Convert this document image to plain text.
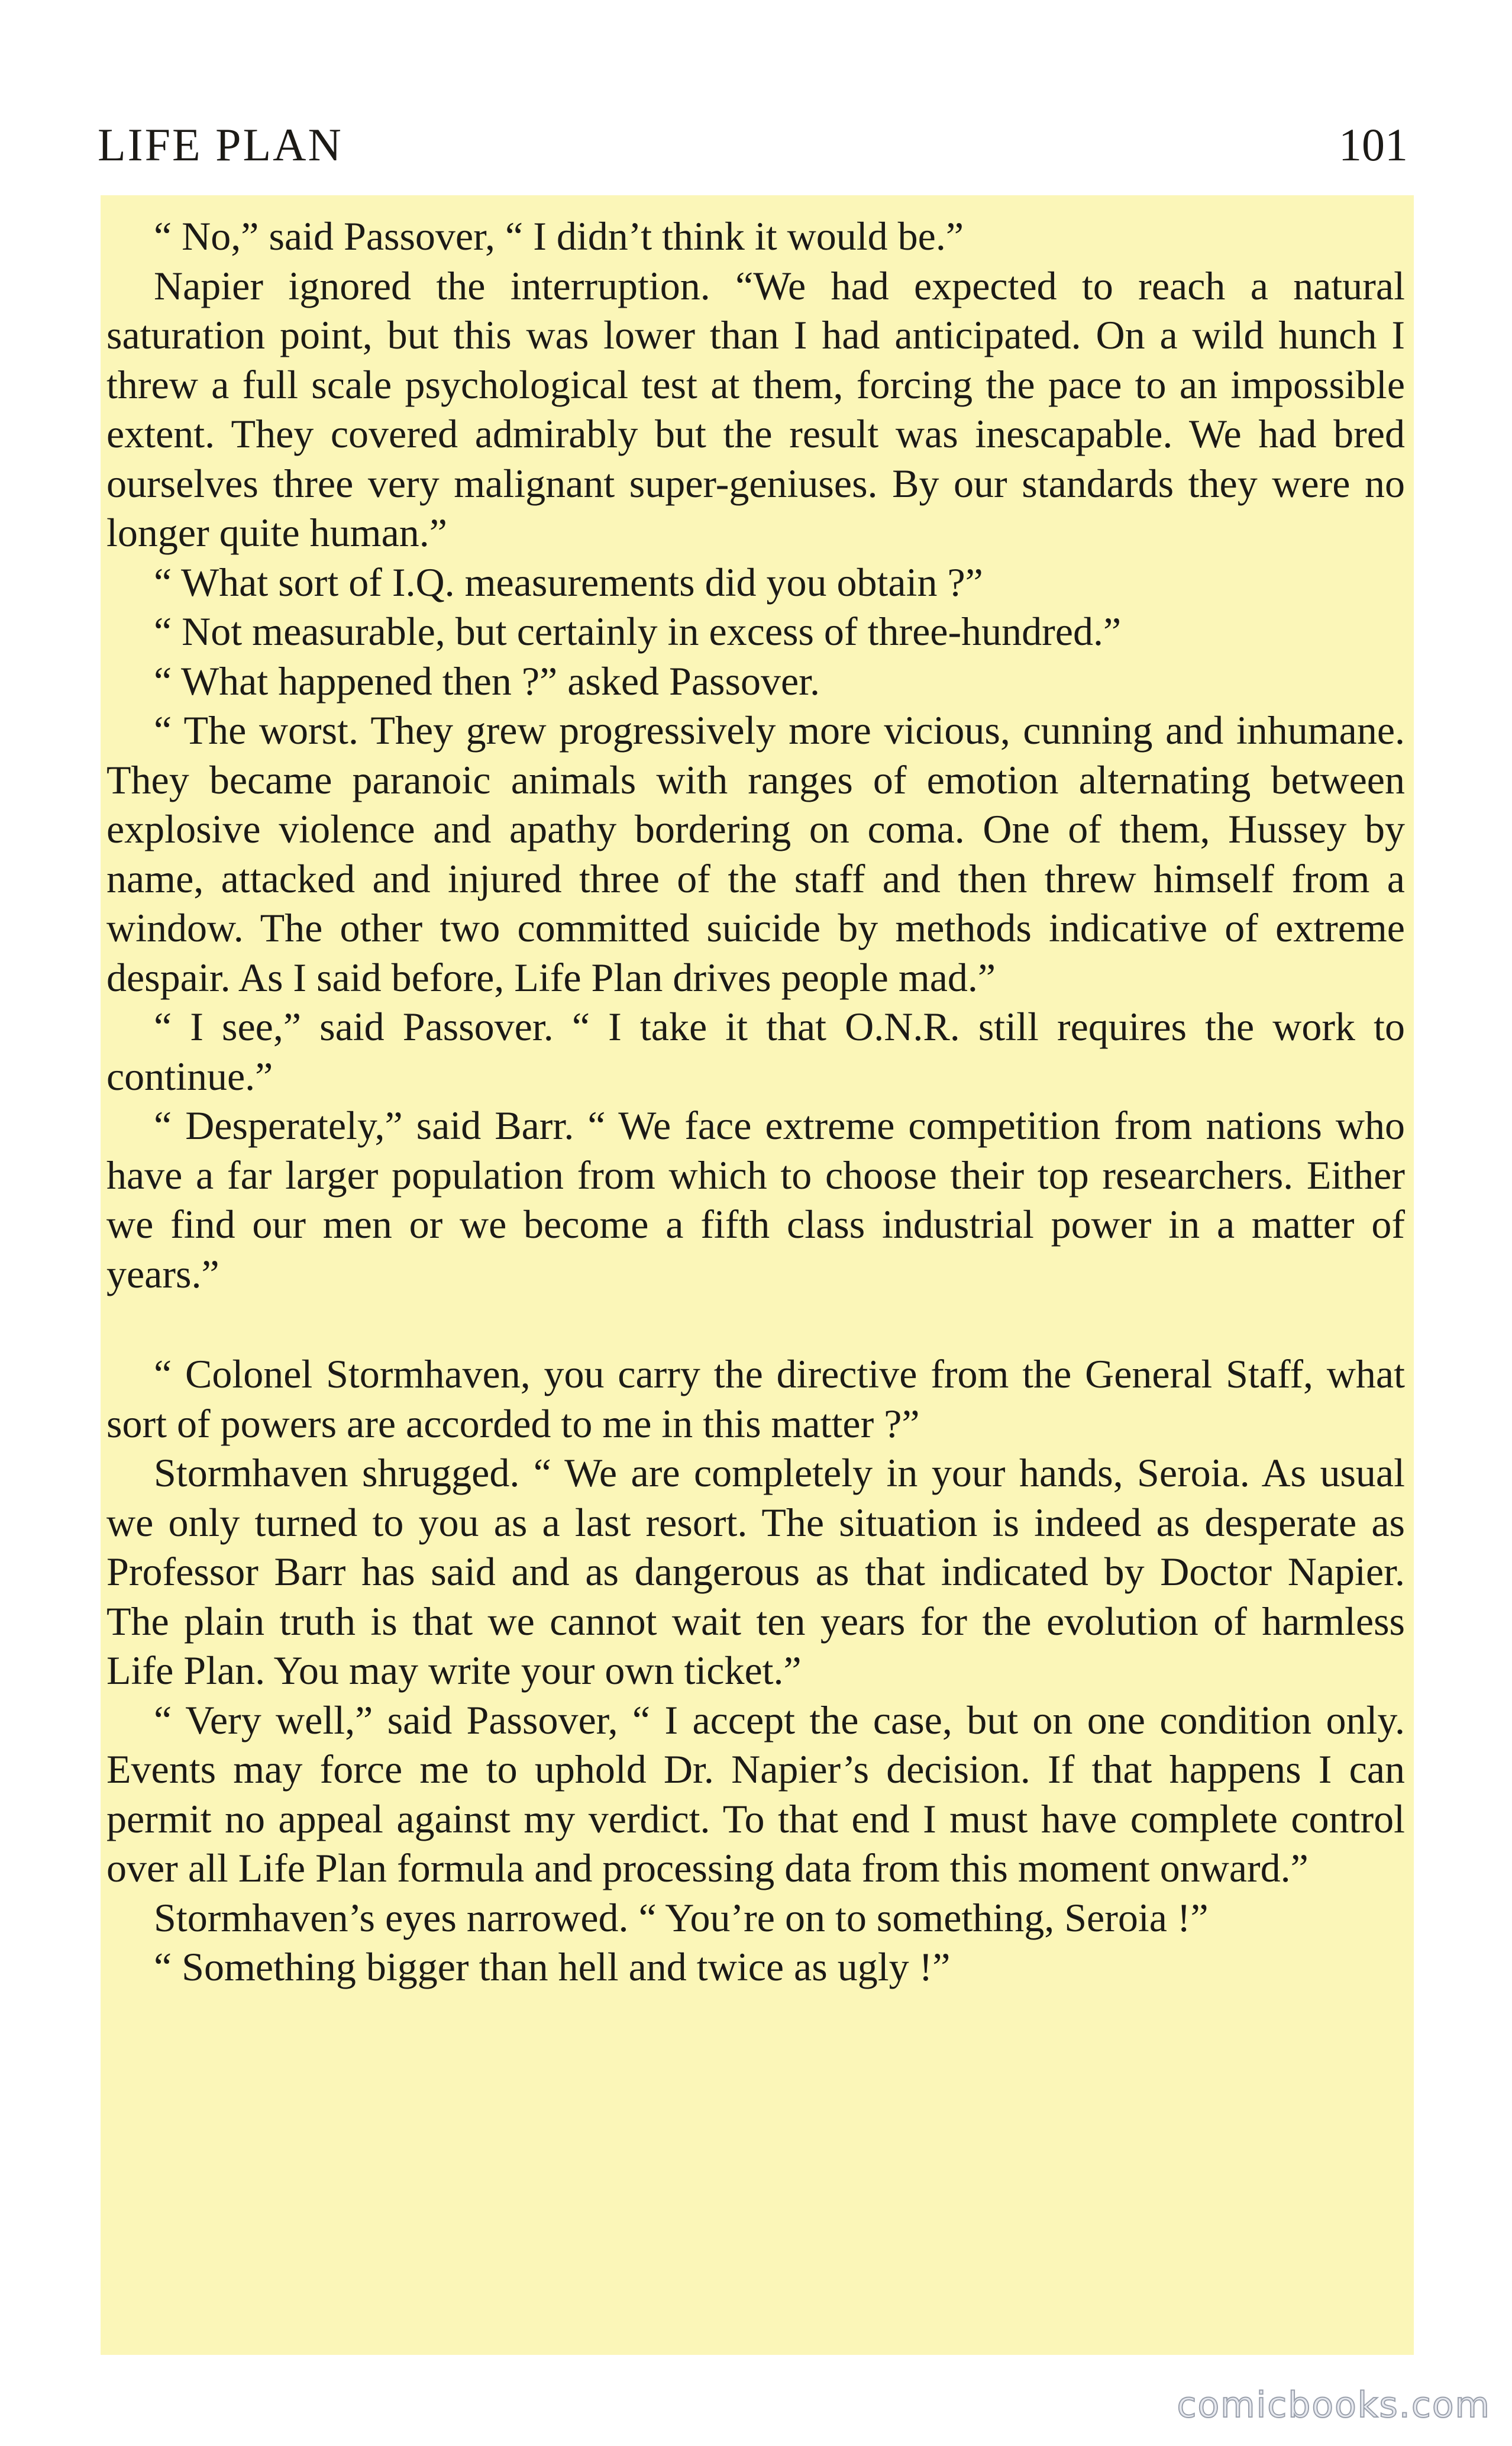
LIFE PLAN	101

“ No,” said Passover, “ I didn’t think it would be.”

Napier ignored the interruption. “We had expected to reach a natural saturation point, but this was lower than I had anticipated. On a wild hunch I threw a full scale psychological test at them, forcing the pace to an impossible extent. They covered admirably but the result was inescapable. We had bred ourselves three very malignant super-geniuses. By our standards they were no longer quite human.”

“ What sort of I.Q. measurements did you obtain ?”

“ Not measurable, but certainly in excess of three-hundred.”

“ What happened then ?” asked Passover.

“ The worst. They grew progressively more vicious, cunning and inhumane. They became paranoic animals with ranges of emotion alternating between explosive violence and apathy bordering on coma. One of them, Hussey by name, attacked and injured three of the staff and then threw himself from a window. The other two committed suicide by methods indicative of extreme despair. As I said before, Life Plan drives people mad.”

“ I see,” said Passover. “ I take it that O.N.R. still requires the work to continue.”

“ Desperately,” said Barr. “ We face extreme competition from nations who have a far larger population from which to choose their top researchers. Either we find our men or we become a fifth class industrial power in a matter of years.”

“ Colonel Stormhaven, you carry the directive from the General Staff, what sort of powers are accorded to me in this matter ?”

Stormhaven shrugged. “ We are completely in your hands, Seroia. As usual we only turned to you as a last resort. The situation is indeed as desperate as Professor Barr has said and as dangerous as that indicated by Doctor Napier. The plain truth is that we cannot wait ten years for the evolution of harmless Life Plan. You may write your own ticket.”

“ Very well,” said Passover, “ I accept the case, but on one condition only. Events may force me to uphold Dr. Napier’s decision. If that happens I can permit no appeal against my verdict. To that end I must have complete control over all Life Plan formula and processing data from this moment onward.”

Stormhaven’s eyes narrowed. “ You’re on to something, Seroia !”

“ Something bigger than hell and twice as ugly !”

comicbooks.com
